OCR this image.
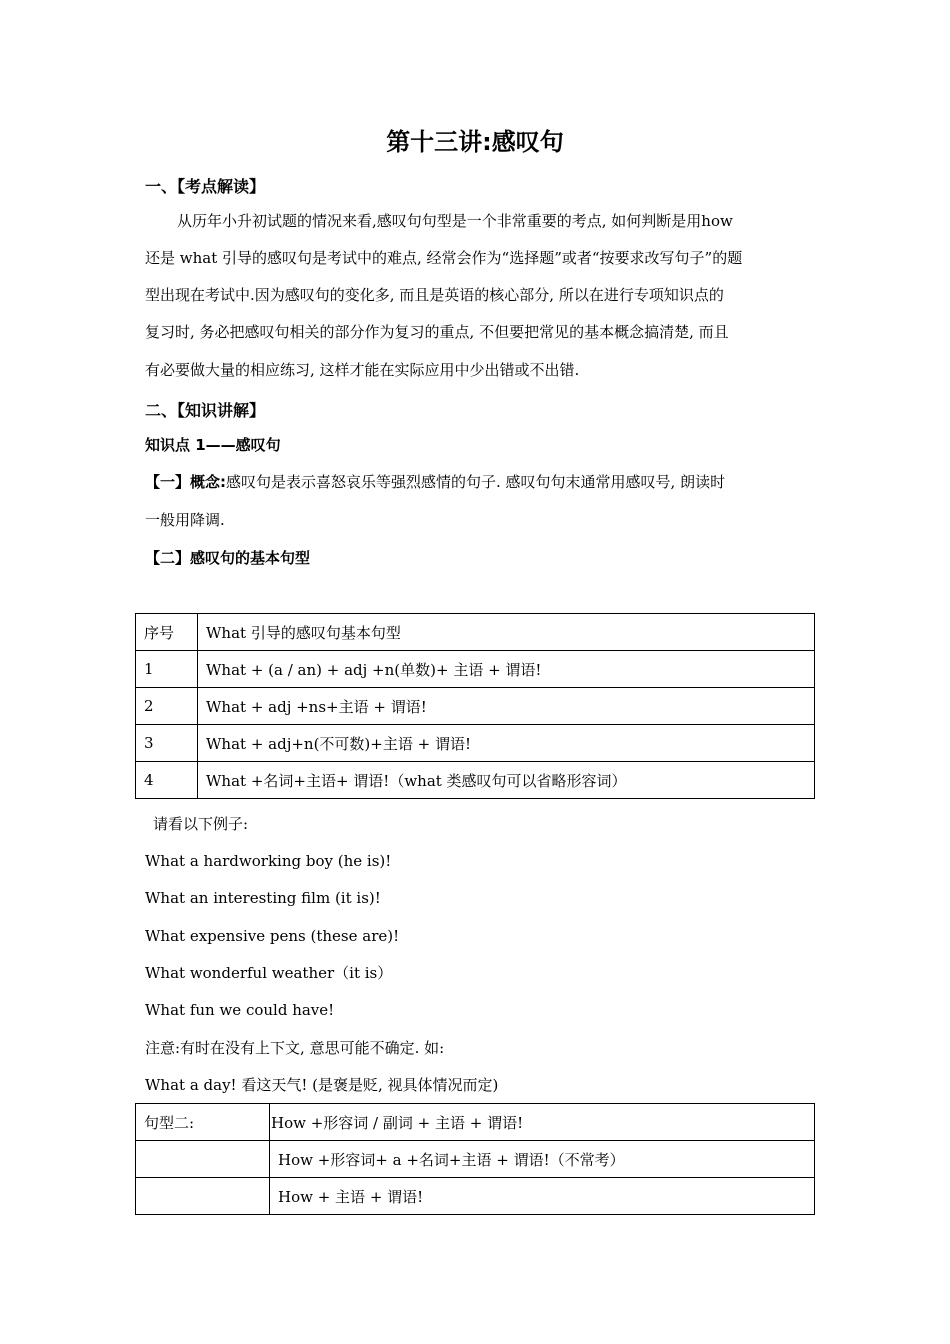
第十三讲:感叹句
一、【考点解读】
从历年小升初试题的情况来看,感叹句句型是一个非常重要的考点, 如何判断是用how
还是 what 引导的感叹句是考试中的难点, 经常会作为“选择题”或者“按要求改写句子”的题
型出现在考试中.因为感叹句的变化多, 而且是英语的核心部分, 所以在进行专项知识点的
复习时, 务必把感叹句相关的部分作为复习的重点, 不但要把常见的基本概念搞清楚, 而且
有必要做大量的相应练习, 这样才能在实际应用中少出错或不出错.
二、【知识讲解】
知识点 1——感叹句
【一】概念:感叹句是表示喜怒哀乐等强烈感情的句子. 感叹句句末通常用感叹号, 朗读时
一般用降调.
【二】感叹句的基本句型
序号	What 引导的感叹句基本句型
1	What + (a / an) + adj +n(单数)+ 主语 + 谓语!
2	What + adj +ns+主语 + 谓语!
3	What + adj+n(不可数)+主语 + 谓语!
4	What +名词+主语+ 谓语!（what 类感叹句可以省略形容词）
请看以下例子:
What a hardworking boy (he is)!
What an interesting film (it is)!
What expensive pens (these are)!
What wonderful weather（it is）
What fun we could have!
注意:有时在没有上下文, 意思可能不确定. 如:
What a day! 看这天气! (是褒是贬, 视具体情况而定)
句型二:	How +形容词 / 副词 + 主语 + 谓语!
	How +形容词+ a +名词+主语 + 谓语!（不常考）
	How + 主语 + 谓语!
